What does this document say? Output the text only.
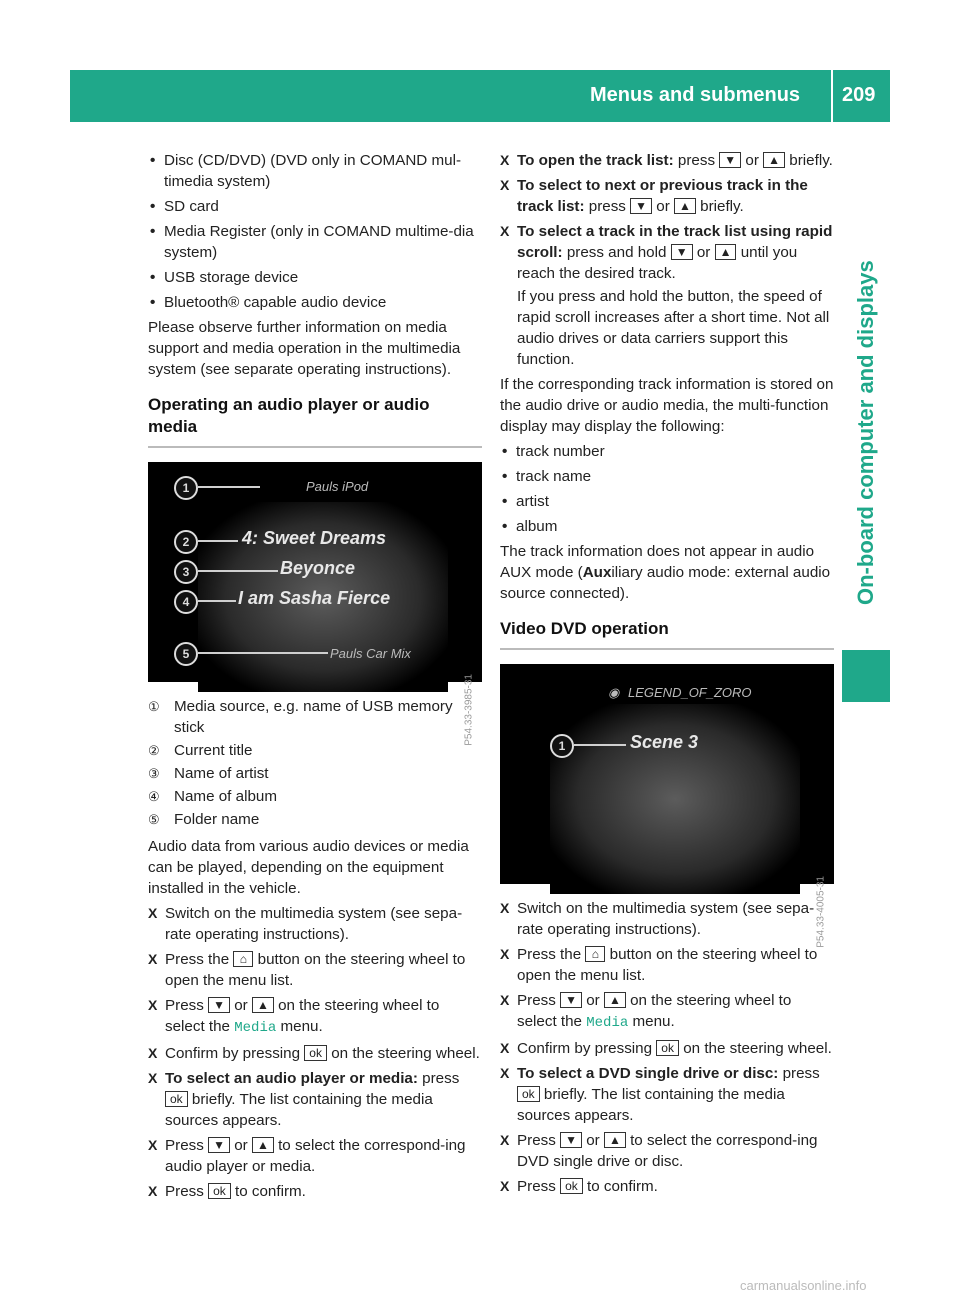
Menus and submenus 209
On-board computer and displays
• Disc (CD/DVD) (DVD only in COMAND mul-timedia system)
• SD card
• Media Register (only in COMAND multime-dia system)
• USB storage device
• Bluetooth® capable audio device

Please observe further information on media support and media operation in the multimedia system (see separate operating instructions).

Operating an audio player or audio media
1	Pauls iPod
2	4: Sweet Dreams
3	Beyonce
4	I am Sasha Fierce
5	Pauls Car Mix
P54.33-3985-31
① Media source, e.g. name of USB memory stick
② Current title
③ Name of artist
④ Name of album
⑤ Folder name

Audio data from various audio devices or media can be played, depending on the equipment installed in the vehicle.

X Switch on the multimedia system (see sepa-rate operating instructions).
X Press the ⌂ button on the steering wheel to open the menu list.
X Press ▼ or ▲ on the steering wheel to select the Media menu.
X Confirm by pressing ok on the steering wheel.
X To select an audio player or media: press ok briefly. The list containing the media sources appears.
X Press ▼ or ▲ to select the correspond-ing audio player or media.
X Press ok to confirm.
X To open the track list: press ▼ or ▲ briefly.
X To select to next or previous track in the track list: press ▼ or ▲ briefly.
X To select a track in the track list using rapid scroll: press and hold ▼ or ▲ until you reach the desired track.
If you press and hold the button, the speed of rapid scroll increases after a short time. Not all audio drives or data carriers support this function.

If the corresponding track information is stored on the audio drive or audio media, the multi-function display may display the following:

• track number
• track name
• artist
• album

The track information does not appear in audio AUX mode (Auxiliary audio mode: external audio source connected).

Video DVD operation
◉ LEGEND_OF_ZORO
1	Scene 3
P54.33-4005-31
X Switch on the multimedia system (see sepa-rate operating instructions).
X Press the ⌂ button on the steering wheel to open the menu list.
X Press ▼ or ▲ on the steering wheel to select the Media menu.
X Confirm by pressing ok on the steering wheel.
X To select a DVD single drive or disc: press ok briefly. The list containing the media sources appears.
X Press ▼ or ▲ to select the correspond-ing DVD single drive or disc.
X Press ok to confirm.
carmanualsonline.info
